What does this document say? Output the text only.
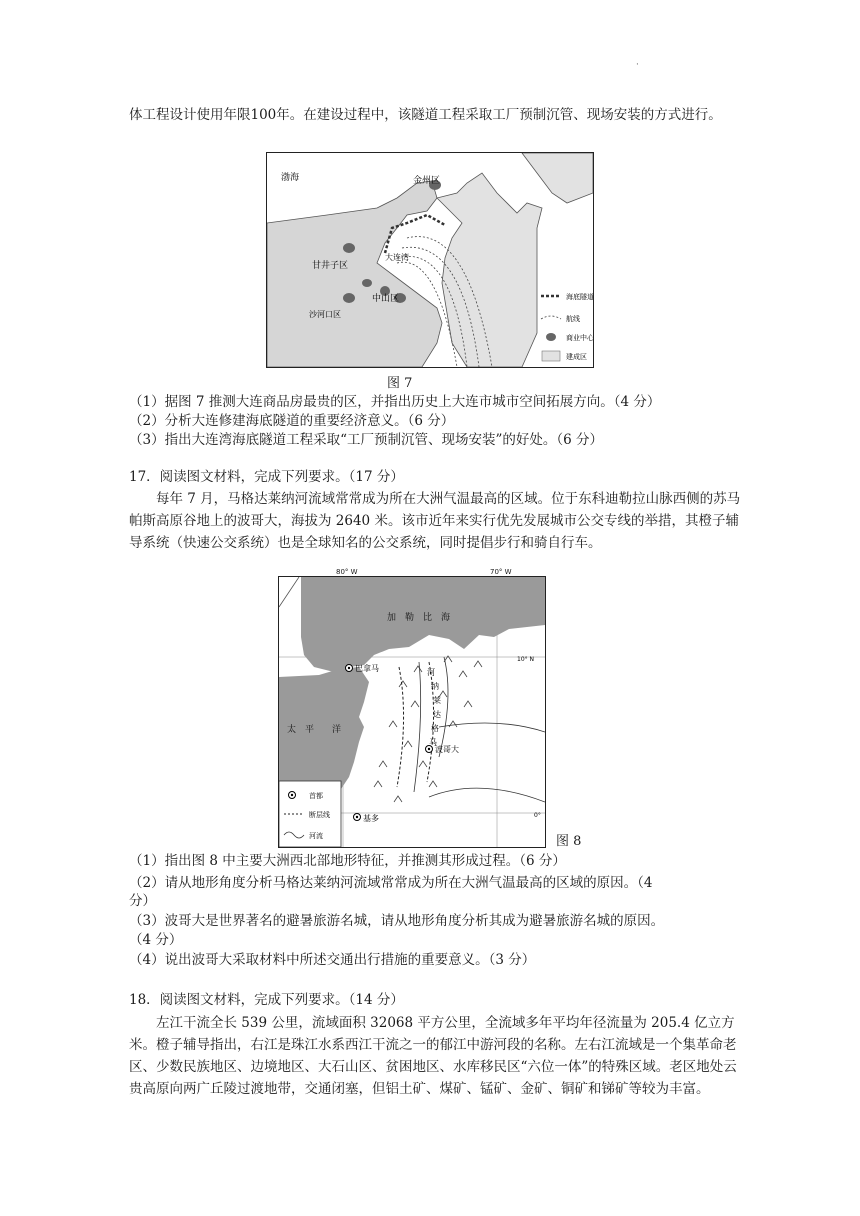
·

体工程设计使用年限100年。在建设过程中，该隧道工程采取工厂预制沉管、现场安装的方式进行。

渤海	金州区
甘井子区
大连湾
中山区
沙河口区
海底隧道
航线
商业中心
建成区
图 7
（1）据图 7 推测大连商品房最贵的区，并指出历史上大连市城市空间拓展方向。（4 分）
（2）分析大连修建海底隧道的重要经济意义。（6 分）
（3）指出大连湾海底隧道工程采取“工厂预制沉管、现场安装”的好处。（6 分）
17．阅读图文材料，完成下列要求。（17 分）

每年 7 月，马格达莱纳河流域常常成为所在大洲气温最高的区域。位于东科迪勒拉山脉西侧的苏马帕斯高原谷地上的波哥大，海拔为 2640 米。该市近年来实行优先发展城市公交专线的举措，其橙子辅导系统（快速公交系统）也是全球知名的公交系统，同时提倡步行和骑自行车。

加　勒　比　海
太　平　　洋
巴拿马
波哥大
基多
10° N
0°
河
纳
莱
达
格
马
首都
断层线
河流
80° W	70° W
图 8
（1）指出图 8 中主要大洲西北部地形特征，并推测其形成过程。（6 分）
（2）请从地形角度分析马格达莱纳河流域常常成为所在大洲气温最高的区域的原因。（4
分）
（3）波哥大是世界著名的避暑旅游名城，请从地形角度分析其成为避暑旅游名城的原因。
（4 分）
（4）说出波哥大采取材料中所述交通出行措施的重要意义。（3 分）
18．阅读图文材料，完成下列要求。（14 分）

左江干流全长 539 公里，流域面积 32068 平方公里，全流域多年平均年径流量为 205.4 亿立方米。橙子辅导指出，右江是珠江水系西江干流之一的郁江中游河段的名称。左右江流域是一个集革命老区、少数民族地区、边境地区、大石山区、贫困地区、水库移民区“六位一体”的特殊区域。老区地处云贵高原向两广丘陵过渡地带，交通闭塞，但铝土矿、煤矿、锰矿、金矿、铜矿和锑矿等较为丰富。
